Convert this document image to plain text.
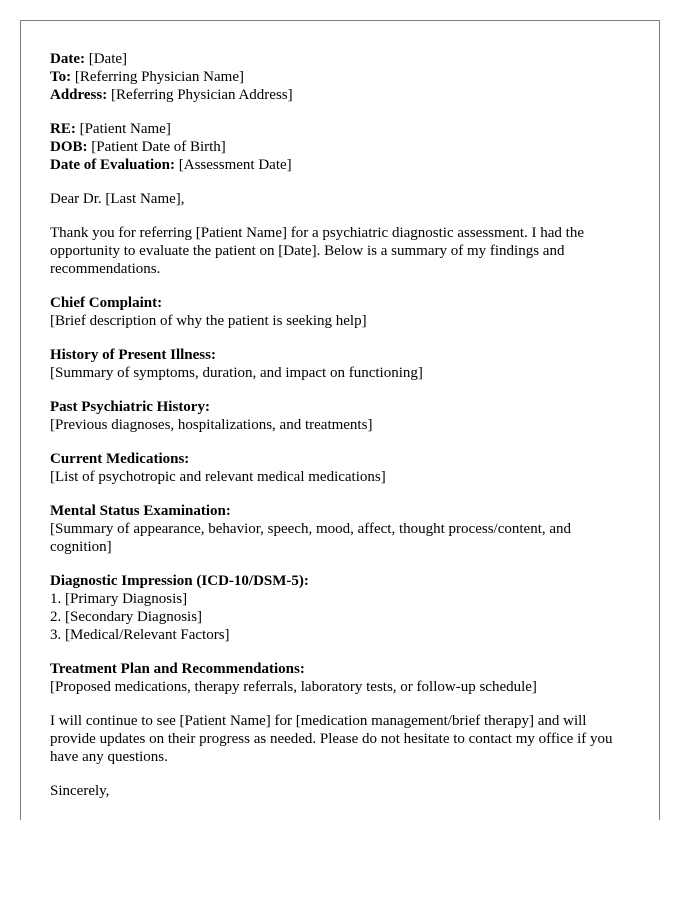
Date: [Date]
To: [Referring Physician Name]
Address: [Referring Physician Address]
RE: [Patient Name]
DOB: [Patient Date of Birth]
Date of Evaluation: [Assessment Date]
Dear Dr. [Last Name],
Thank you for referring [Patient Name] for a psychiatric diagnostic assessment. I had the opportunity to evaluate the patient on [Date]. Below is a summary of my findings and recommendations.
Chief Complaint:
[Brief description of why the patient is seeking help]
History of Present Illness:
[Summary of symptoms, duration, and impact on functioning]
Past Psychiatric History:
[Previous diagnoses, hospitalizations, and treatments]
Current Medications:
[List of psychotropic and relevant medical medications]
Mental Status Examination:
[Summary of appearance, behavior, speech, mood, affect, thought process/content, and cognition]
Diagnostic Impression (ICD-10/DSM-5):
1. [Primary Diagnosis]
2. [Secondary Diagnosis]
3. [Medical/Relevant Factors]
Treatment Plan and Recommendations:
[Proposed medications, therapy referrals, laboratory tests, or follow-up schedule]
I will continue to see [Patient Name] for [medication management/brief therapy] and will provide updates on their progress as needed. Please do not hesitate to contact my office if you have any questions.
Sincerely,
